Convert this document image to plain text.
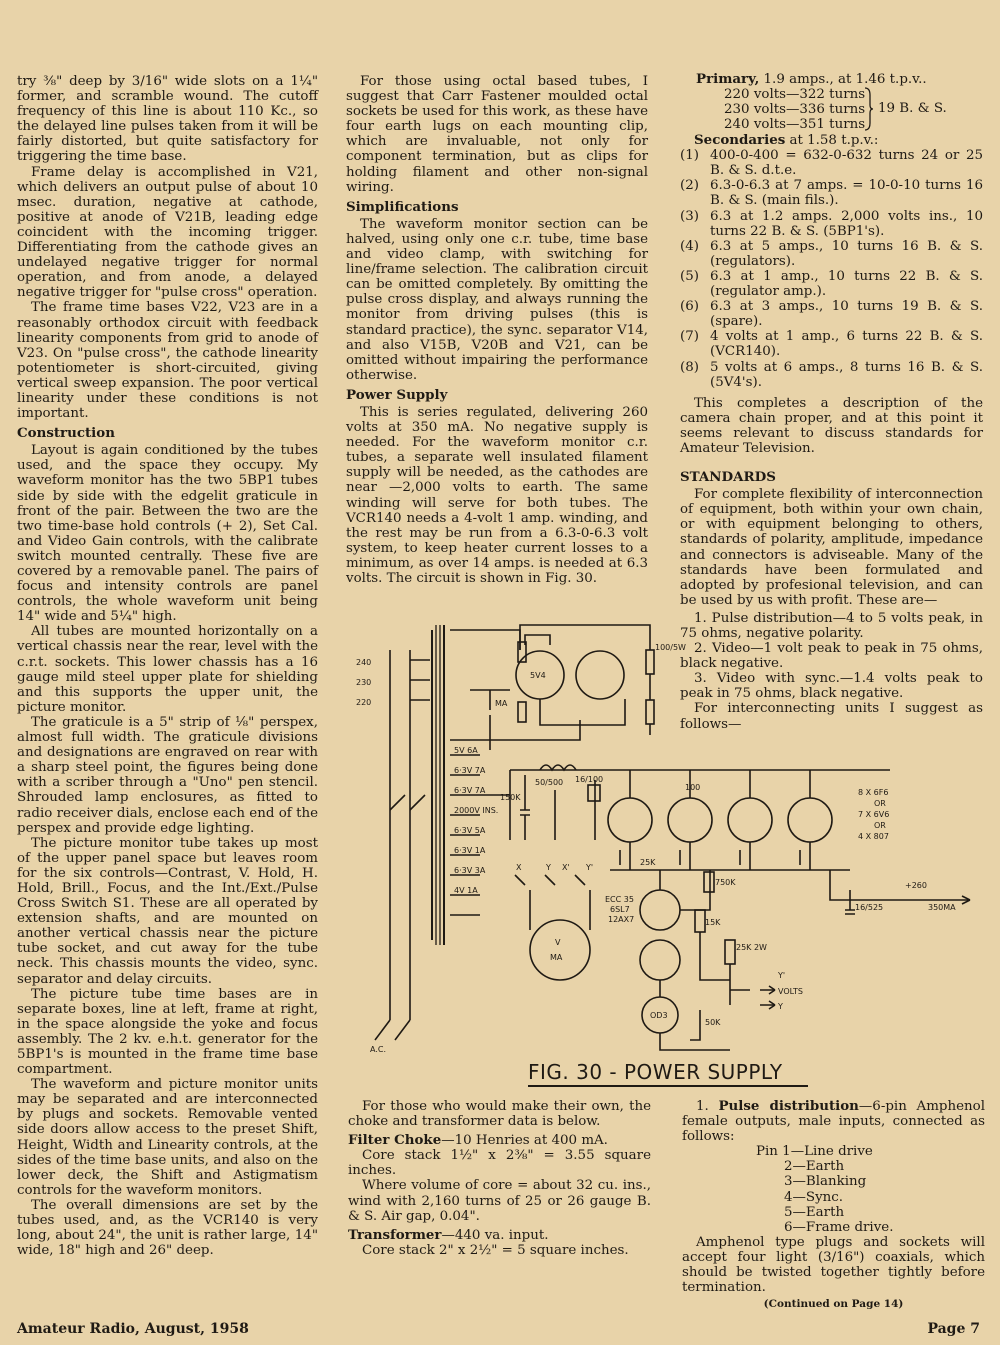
try ⅜" deep by 3/16" wide slots on a 1¼" former, and scramble wound. The cutoff frequency of this line is about 110 Kc., so the delayed line pulses taken from it will be fairly distorted, but quite satisfactory for triggering the time base.

Frame delay is accomplished in V21, which delivers an output pulse of about 10 msec. duration, negative at cathode, positive at anode of V21B, leading edge coincident with the incoming trigger. Differentiating from the cathode gives an undelayed negative trigger for normal operation, and from anode, a delayed negative trigger for "pulse cross" operation.

The frame time bases V22, V23 are in a reasonably orthodox circuit with feedback linearity components from grid to anode of V23. On "pulse cross", the cathode linearity potentiometer is short-circuited, giving vertical sweep expansion. The poor vertical linearity under these conditions is not important.

Construction

Layout is again conditioned by the tubes used, and the space they occupy. My waveform monitor has the two 5BP1 tubes side by side with the edgelit graticule in front of the pair. Between the two are the two time-base hold controls (+ 2), Set Cal. and Video Gain controls, with the calibrate switch mounted centrally. These five are covered by a removable panel. The pairs of focus and intensity controls are panel controls, the whole waveform unit being 14" wide and 5¼" high.

All tubes are mounted horizontally on a vertical chassis near the rear, level with the c.r.t. sockets. This lower chassis has a 16 gauge mild steel upper plate for shielding and this supports the upper unit, the picture monitor.

The graticule is a 5" strip of ⅛" perspex, almost full width. The graticule divisions and designations are engraved on rear with a sharp steel point, the figures being done with a scriber through a "Uno" pen stencil. Shrouded lamp enclosures, as fitted to radio receiver dials, enclose each end of the perspex and provide edge lighting.

The picture monitor tube takes up most of the upper panel space but leaves room for the six controls—Contrast, V. Hold, H. Hold, Brill., Focus, and the Int./Ext./Pulse Cross Switch S1. These are all operated by extension shafts, and are mounted on another vertical chassis near the picture tube socket, and cut away for the tube neck. This chassis mounts the video, sync. separator and delay circuits.

The picture tube time bases are in separate boxes, line at left, frame at right, in the space alongside the yoke and focus assembly. The 2 kv. e.h.t. generator for the 5BP1's is mounted in the frame time base compartment.

The waveform and picture monitor units may be separated and are interconnected by plugs and sockets. Removable vented side doors allow access to the preset Shift, Height, Width and Linearity controls, at the sides of the time base units, and also on the lower deck, the Shift and Astigmatism controls for the waveform monitors.

The overall dimensions are set by the tubes used, and, as the VCR140 is very long, about 24", the unit is rather large, 14" wide, 18" high and 26" deep.

For those using octal based tubes, I suggest that Carr Fastener moulded octal sockets be used for this work, as these have four earth lugs on each mounting clip, which are invaluable, not only for component termination, but as clips for holding filament and other non-signal wiring.

Simplifications

The waveform monitor section can be halved, using only one c.r. tube, time base and video clamp, with switching for line/frame selection. The calibration circuit can be omitted completely. By omitting the pulse cross display, and always running the monitor from driving pulses (this is standard practice), the sync. separator V14, and also V15B, V20B and V21, can be omitted without impairing the performance otherwise.

Power Supply

This is series regulated, delivering 260 volts at 350 mA. No negative supply is needed. For the waveform monitor c.r. tubes, a separate well insulated filament supply will be needed, as the cathodes are near —2,000 volts to earth. The same winding will serve for both tubes. The VCR140 needs a 4-volt 1 amp. winding, and the rest may be run from a 6.3-0-6.3 volt system, to keep heater current losses to a minimum, as over 14 amps. is needed at 6.3 volts. The circuit is shown in Fig. 30.

Primary, 1.9 amps., at 1.46 t.p.v..

220 volts—322 turns
230 volts—336 turns
240 volts—351 turns
19 B. & S.

Secondaries at 1.58 t.p.v.:

(1) 400-0-400 = 632-0-632 turns 24 or 25 B. & S. d.t.e.
(2) 6.3-0-6.3 at 7 amps. = 10-0-10 turns 16 B. & S. (main fils.).
(3) 6.3 at 1.2 amps. 2,000 volts ins., 10 turns 22 B. & S. (5BP1's).
(4) 6.3 at 5 amps., 10 turns 16 B. & S. (regulators).
(5) 6.3 at 1 amp., 10 turns 22 B. & S. (regulator amp.).
(6) 6.3 at 3 amps., 10 turns 19 B. & S. (spare).
(7) 4 volts at 1 amp., 6 turns 22 B. & S. (VCR140).
(8) 5 volts at 6 amps., 8 turns 16 B. & S. (5V4's).

This completes a description of the camera chain proper, and at this point it seems relevant to discuss standards for Amateur Television.

STANDARDS

For complete flexibility of interconnection of equipment, both within your own chain, or with equipment belonging to others, standards of polarity, amplitude, impedance and connectors is adviseable. Many of the standards have been formulated and adopted by profesional television, and can be used by us with profit. These are—

1. Pulse distribution—4 to 5 volts peak, in 75 ohms, negative polarity.

2. Video—1 volt peak to peak in 75 ohms, black negative.

3. Video with sync.—1.4 volts peak to peak in 75 ohms, black negative.

For interconnecting units I suggest as follows—

240
230
220
A.C.
100/5W
5V4
5V 6A
6·3V 7A
6·3V 7A
2000V INS.
6·3V 5A
6·3V 1A
6·3V 3A
4V 1A
50/500 16/100
150K
100
25K
750K
15K
16/525
25K 2W
ECC 35
6SL7
12AX7
OD3
50K
+260
350MA
Y'
VOLTS
Y
V
MA
X	Y X' Y'
MA
8 X 6F6
OR
7 X 6V6
OR
4 X 807
FIG. 30 - POWER SUPPLY

For those who would make their own, the choke and transformer data is below.

Filter Choke—10 Henries at 400 mA.

Core stack 1½" x 2⅜" = 3.55 square inches.

Where volume of core = about 32 cu. ins., wind with 2,160 turns of 25 or 26 gauge B. & S. Air gap, 0.04".

Transformer—440 va. input.

Core stack 2" x 2½" = 5 square inches.

1. Pulse distribution—6-pin Amphenol female outputs, male inputs, connected as follows:

Pin 1—Line drive
2—Earth
3—Blanking
4—Sync.
5—Earth
6—Frame drive.

Amphenol type plugs and sockets will accept four light (3/16") coaxials, which should be twisted together tightly before termination.

(Continued on Page 14)
Amateur Radio, August, 1958	Page 7
